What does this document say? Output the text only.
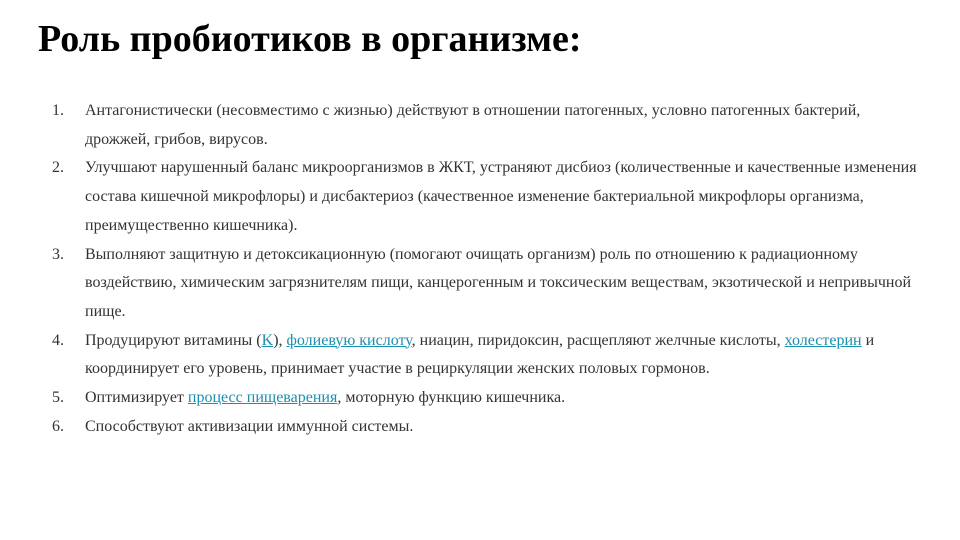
Роль пробиотиков в организме:
1. Антагонистически (несовместимо с жизнью) действуют в отношении патогенных, условно патогенных бактерий, дрожжей, грибов, вирусов.
2. Улучшают нарушенный баланс микроорганизмов в ЖКТ, устраняют дисбиоз (количественные и качественные изменения состава кишечной микрофлоры) и дисбактериоз (качественное изменение бактериальной микрофлоры организма, преимущественно кишечника).
3. Выполняют защитную и детоксикационную (помогают очищать организм) роль по отношению к радиационному воздействию, химическим загрязнителям пищи, канцерогенным и токсическим веществам, экзотической и непривычной пище.
4. Продуцируют витамины (K), фолиевую кислоту, ниацин, пиридоксин, расщепляют желчные кислоты, холестерин и координирует его уровень, принимает участие в рециркуляции женских половых гормонов.
5. Оптимизирует процесс пищеварения, моторную функцию кишечника.
6. Способствуют активизации иммунной системы.
